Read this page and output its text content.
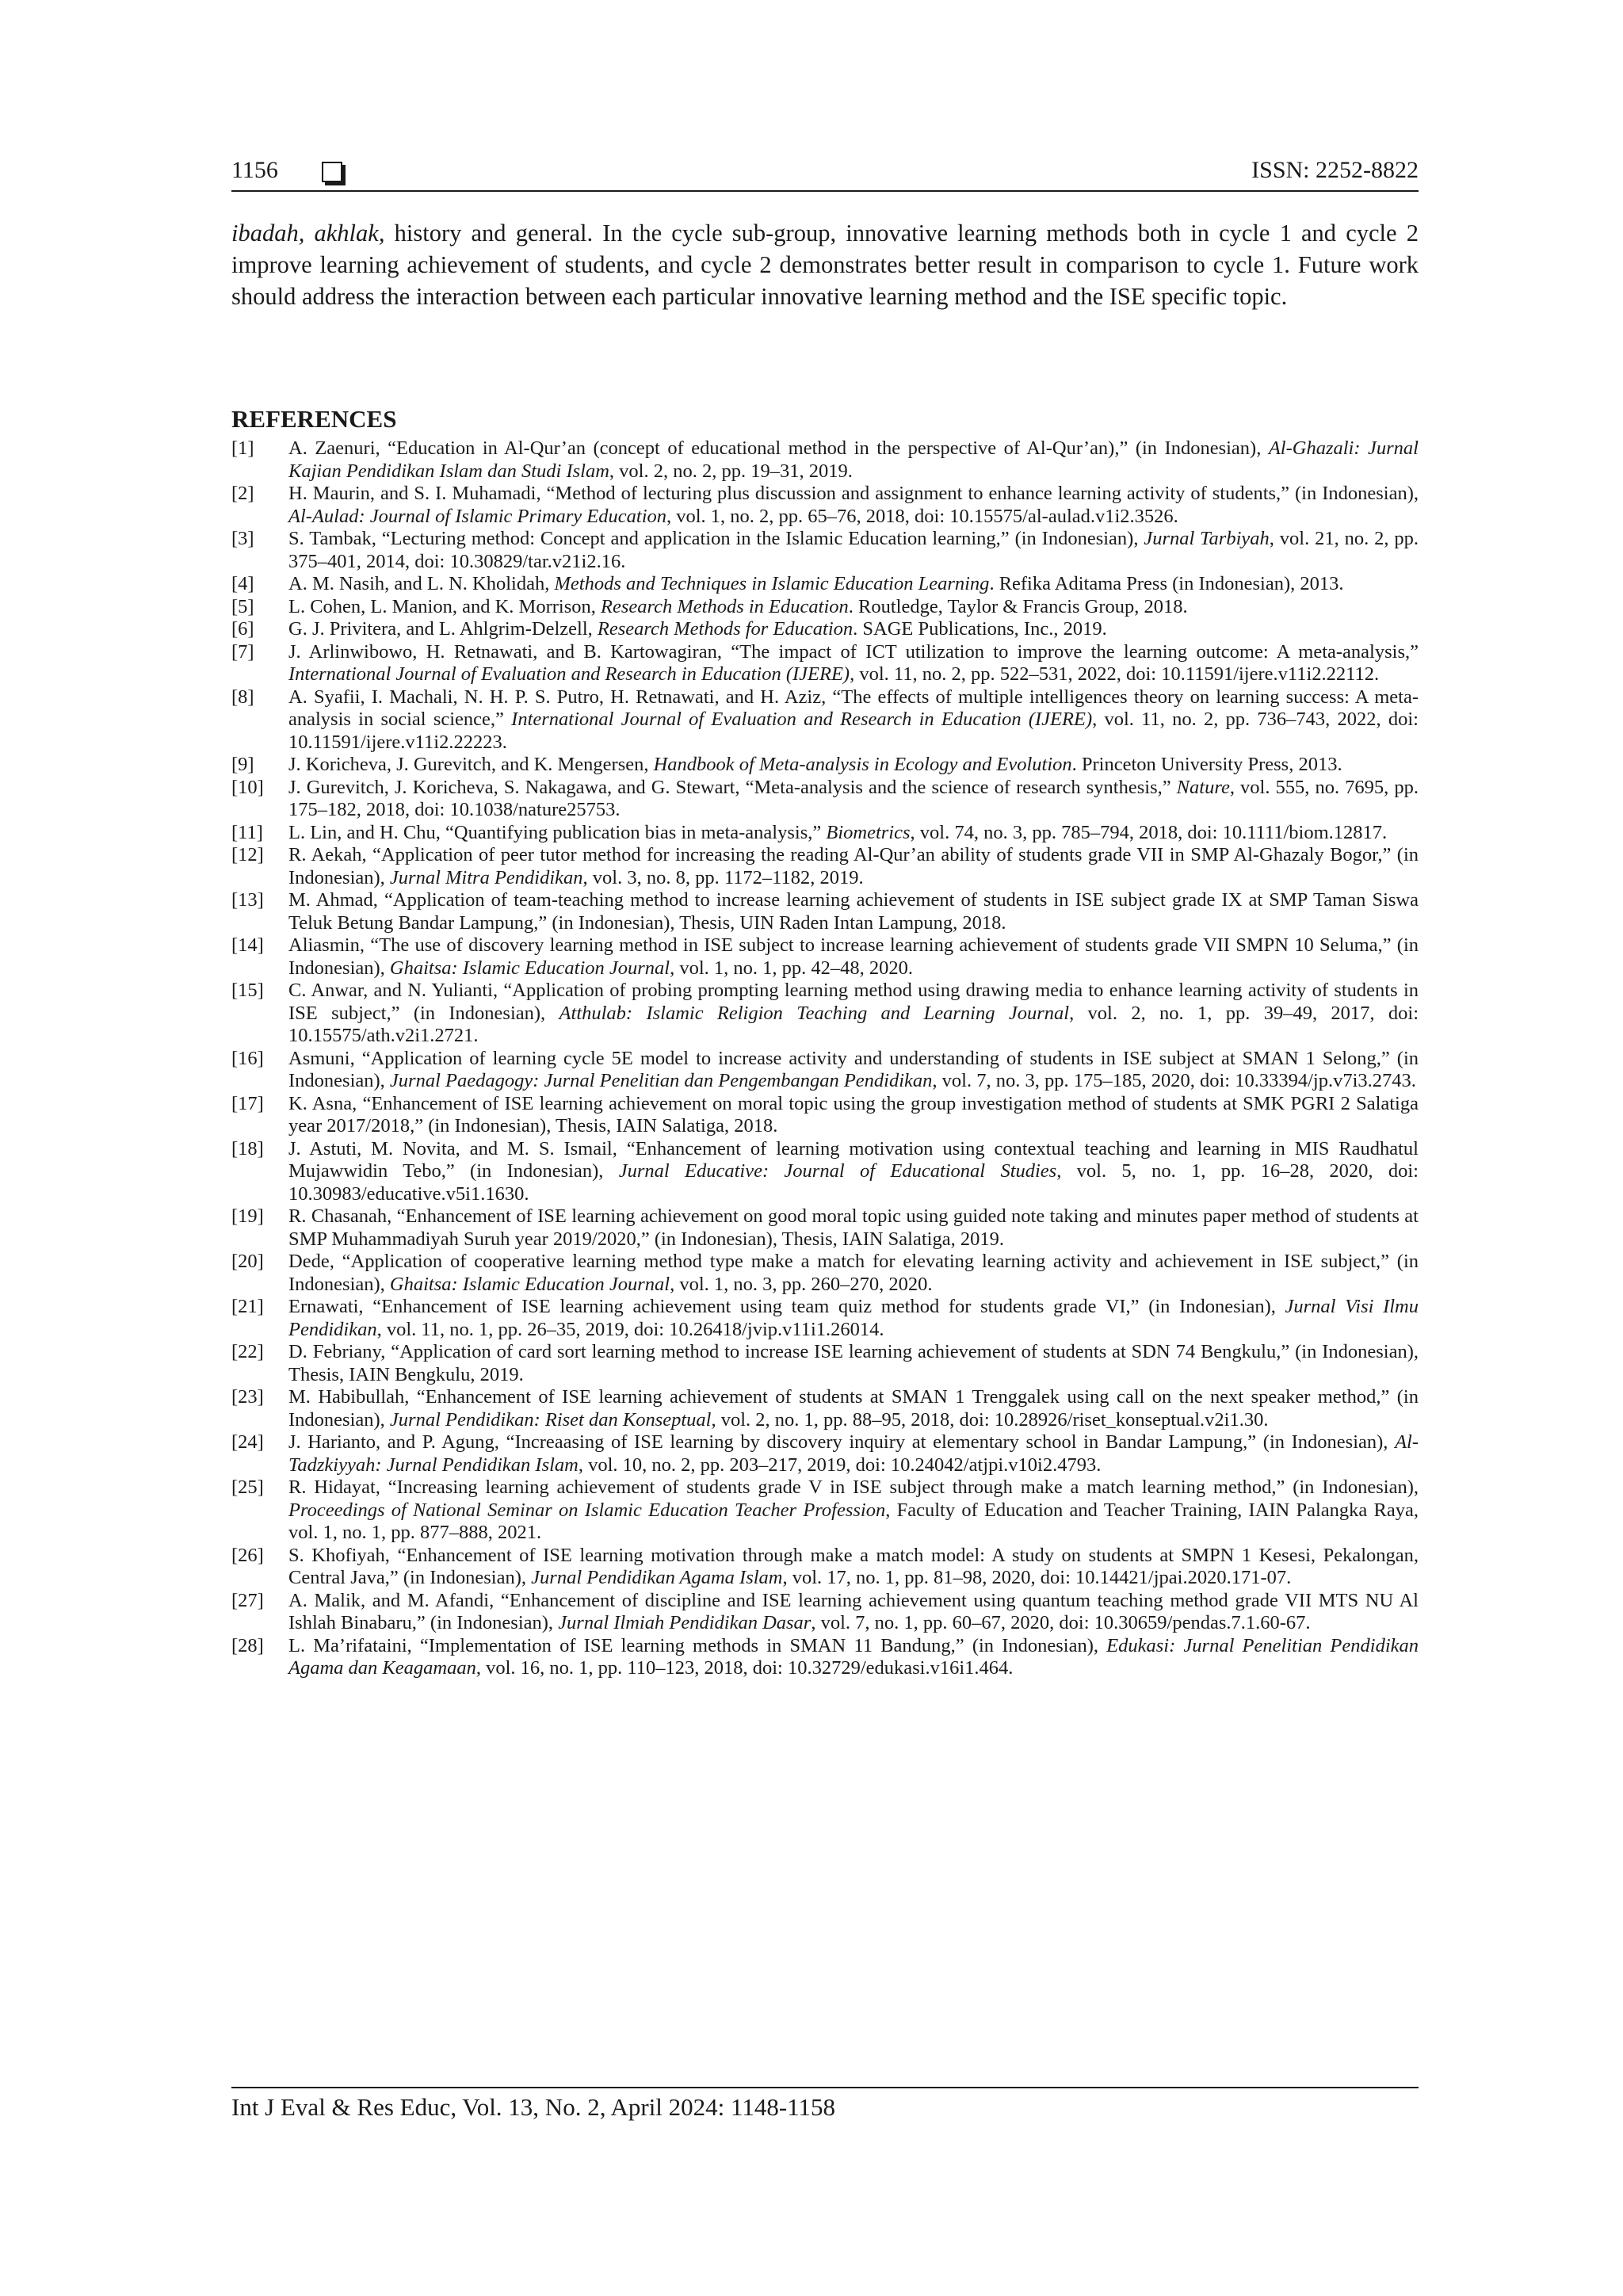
1156	ISSN: 2252-8822
ibadah, akhlak, history and general. In the cycle sub-group, innovative learning methods both in cycle 1 and cycle 2 improve learning achievement of students, and cycle 2 demonstrates better result in comparison to cycle 1. Future work should address the interaction between each particular innovative learning method and the ISE specific topic.
REFERENCES
[1]	A. Zaenuri, “Education in Al-Qur’an (concept of educational method in the perspective of Al-Qur’an),” (in Indonesian), Al-Ghazali: Jurnal Kajian Pendidikan Islam dan Studi Islam, vol. 2, no. 2, pp. 19–31, 2019.
[2]	H. Maurin, and S. I. Muhamadi, “Method of lecturing plus discussion and assignment to enhance learning activity of students,” (in Indonesian), Al-Aulad: Journal of Islamic Primary Education, vol. 1, no. 2, pp. 65–76, 2018, doi: 10.15575/al-aulad.v1i2.3526.
[3]	S. Tambak, “Lecturing method: Concept and application in the Islamic Education learning,” (in Indonesian), Jurnal Tarbiyah, vol. 21, no. 2, pp. 375–401, 2014, doi: 10.30829/tar.v21i2.16.
[4]	A. M. Nasih, and L. N. Kholidah, Methods and Techniques in Islamic Education Learning. Refika Aditama Press (in Indonesian), 2013.
[5]	L. Cohen, L. Manion, and K. Morrison, Research Methods in Education. Routledge, Taylor & Francis Group, 2018.
[6]	G. J. Privitera, and L. Ahlgrim-Delzell, Research Methods for Education. SAGE Publications, Inc., 2019.
[7]	J. Arlinwibowo, H. Retnawati, and B. Kartowagiran, “The impact of ICT utilization to improve the learning outcome: A meta-analysis,” International Journal of Evaluation and Research in Education (IJERE), vol. 11, no. 2, pp. 522–531, 2022, doi: 10.11591/ijere.v11i2.22112.
[8]	A. Syafii, I. Machali, N. H. P. S. Putro, H. Retnawati, and H. Aziz, “The effects of multiple intelligences theory on learning success: A meta-analysis in social science,” International Journal of Evaluation and Research in Education (IJERE), vol. 11, no. 2, pp. 736–743, 2022, doi: 10.11591/ijere.v11i2.22223.
[9]	J. Koricheva, J. Gurevitch, and K. Mengersen, Handbook of Meta-analysis in Ecology and Evolution. Princeton University Press, 2013.
[10]	J. Gurevitch, J. Koricheva, S. Nakagawa, and G. Stewart, “Meta-analysis and the science of research synthesis,” Nature, vol. 555, no. 7695, pp. 175–182, 2018, doi: 10.1038/nature25753.
[11]	L. Lin, and H. Chu, “Quantifying publication bias in meta-analysis,” Biometrics, vol. 74, no. 3, pp. 785–794, 2018, doi: 10.1111/biom.12817.
[12]	R. Aekah, “Application of peer tutor method for increasing the reading Al-Qur’an ability of students grade VII in SMP Al-Ghazaly Bogor,” (in Indonesian), Jurnal Mitra Pendidikan, vol. 3, no. 8, pp. 1172–1182, 2019.
[13]	M. Ahmad, “Application of team-teaching method to increase learning achievement of students in ISE subject grade IX at SMP Taman Siswa Teluk Betung Bandar Lampung,” (in Indonesian), Thesis, UIN Raden Intan Lampung, 2018.
[14]	Aliasmin, “The use of discovery learning method in ISE subject to increase learning achievement of students grade VII SMPN 10 Seluma,” (in Indonesian), Ghaitsa: Islamic Education Journal, vol. 1, no. 1, pp. 42–48, 2020.
[15]	C. Anwar, and N. Yulianti, “Application of probing prompting learning method using drawing media to enhance learning activity of students in ISE subject,” (in Indonesian), Atthulab: Islamic Religion Teaching and Learning Journal, vol. 2, no. 1, pp. 39–49, 2017, doi: 10.15575/ath.v2i1.2721.
[16]	Asmuni, “Application of learning cycle 5E model to increase activity and understanding of students in ISE subject at SMAN 1 Selong,” (in Indonesian), Jurnal Paedagogy: Jurnal Penelitian dan Pengembangan Pendidikan, vol. 7, no. 3, pp. 175–185, 2020, doi: 10.33394/jp.v7i3.2743.
[17]	K. Asna, “Enhancement of ISE learning achievement on moral topic using the group investigation method of students at SMK PGRI 2 Salatiga year 2017/2018,” (in Indonesian), Thesis, IAIN Salatiga, 2018.
[18]	J. Astuti, M. Novita, and M. S. Ismail, “Enhancement of learning motivation using contextual teaching and learning in MIS Raudhatul Mujawwidin Tebo,” (in Indonesian), Jurnal Educative: Journal of Educational Studies, vol. 5, no. 1, pp. 16–28, 2020, doi: 10.30983/educative.v5i1.1630.
[19]	R. Chasanah, “Enhancement of ISE learning achievement on good moral topic using guided note taking and minutes paper method of students at SMP Muhammadiyah Suruh year 2019/2020,” (in Indonesian), Thesis, IAIN Salatiga, 2019.
[20]	Dede, “Application of cooperative learning method type make a match for elevating learning activity and achievement in ISE subject,” (in Indonesian), Ghaitsa: Islamic Education Journal, vol. 1, no. 3, pp. 260–270, 2020.
[21]	Ernawati, “Enhancement of ISE learning achievement using team quiz method for students grade VI,” (in Indonesian), Jurnal Visi Ilmu Pendidikan, vol. 11, no. 1, pp. 26–35, 2019, doi: 10.26418/jvip.v11i1.26014.
[22]	D. Febriany, “Application of card sort learning method to increase ISE learning achievement of students at SDN 74 Bengkulu,” (in Indonesian), Thesis, IAIN Bengkulu, 2019.
[23]	M. Habibullah, “Enhancement of ISE learning achievement of students at SMAN 1 Trenggalek using call on the next speaker method,” (in Indonesian), Jurnal Pendidikan: Riset dan Konseptual, vol. 2, no. 1, pp. 88–95, 2018, doi: 10.28926/riset_konseptual.v2i1.30.
[24]	J. Harianto, and P. Agung, “Increaasing of ISE learning by discovery inquiry at elementary school in Bandar Lampung,” (in Indonesian), Al-Tadzkiyyah: Jurnal Pendidikan Islam, vol. 10, no. 2, pp. 203–217, 2019, doi: 10.24042/atjpi.v10i2.4793.
[25]	R. Hidayat, “Increasing learning achievement of students grade V in ISE subject through make a match learning method,” (in Indonesian), Proceedings of National Seminar on Islamic Education Teacher Profession, Faculty of Education and Teacher Training, IAIN Palangka Raya, vol. 1, no. 1, pp. 877–888, 2021.
[26]	S. Khofiyah, “Enhancement of ISE learning motivation through make a match model: A study on students at SMPN 1 Kesesi, Pekalongan, Central Java,” (in Indonesian), Jurnal Pendidikan Agama Islam, vol. 17, no. 1, pp. 81–98, 2020, doi: 10.14421/jpai.2020.171-07.
[27]	A. Malik, and M. Afandi, “Enhancement of discipline and ISE learning achievement using quantum teaching method grade VII MTS NU Al Ishlah Binabaru,” (in Indonesian), Jurnal Ilmiah Pendidikan Dasar, vol. 7, no. 1, pp. 60–67, 2020, doi: 10.30659/pendas.7.1.60-67.
[28]	L. Ma’rifataini, “Implementation of ISE learning methods in SMAN 11 Bandung,” (in Indonesian), Edukasi: Jurnal Penelitian Pendidikan Agama dan Keagamaan, vol. 16, no. 1, pp. 110–123, 2018, doi: 10.32729/edukasi.v16i1.464.
Int J Eval & Res Educ, Vol. 13, No. 2, April 2024: 1148-1158
